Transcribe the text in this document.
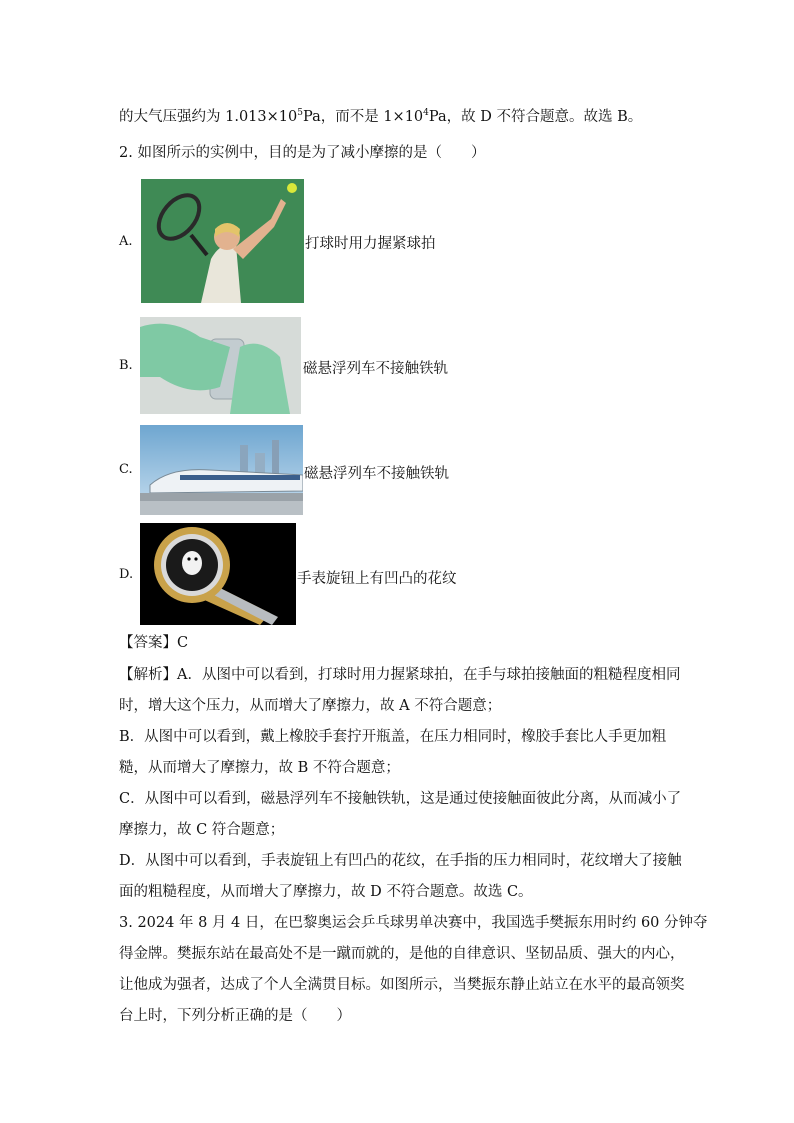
的大气压强约为 $1.013\times 10^5Pa$，而不是 $1\times 10^4Pa$，故 D 不符合题意。故选 B。
2. 如图所示的实例中，目的是为了减小摩擦的是（　　）
A.	打球时用力握紧球拍
B.	磁悬浮列车不接触铁轨
C.	磁悬浮列车不接触铁轨
D.	手表旋钮上有凹凸的花纹
【答案】C
【解析】A．从图中可以看到，打球时用力握紧球拍，在手与球拍接触面的粗糙程度相同
时，增大这个压力，从而增大了摩擦力，故 A 不符合题意；
B．从图中可以看到，戴上橡胶手套拧开瓶盖，在压力相同时，橡胶手套比人手更加粗
糙，从而增大了摩擦力，故 B 不符合题意；
C．从图中可以看到，磁悬浮列车不接触铁轨，这是通过使接触面彼此分离，从而减小了
摩擦力，故 C 符合题意；
D．从图中可以看到，手表旋钮上有凹凸的花纹，在手指的压力相同时，花纹增大了接触
面的粗糙程度，从而增大了摩擦力，故 D 不符合题意。故选 C。
3. 2024 年 8 月 4 日，在巴黎奥运会乒乓球男单决赛中，我国选手樊振东用时约 60 分钟夺
得金牌。樊振东站在最高处不是一蹴而就的，是他的自律意识、坚韧品质、强大的内心，
让他成为强者，达成了个人全满贯目标。如图所示，当樊振东静止站立在水平的最高领奖
台上时，下列分析正确的是（　　）
